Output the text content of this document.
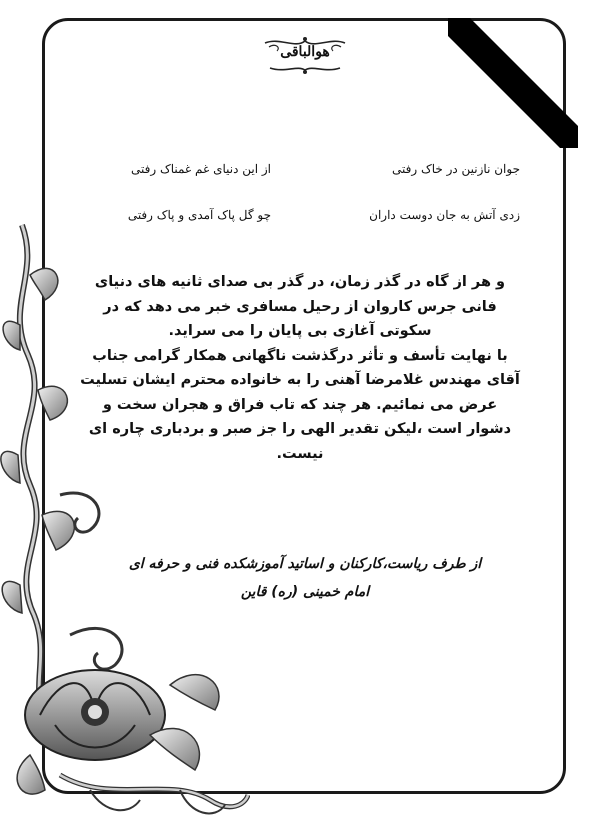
هوالباقی
جوان نازنین در خاک رفتی
از این دنیای غم غمناک رفتی
زدی آتش به جان دوست داران
چو گل پاک آمدی و پاک رفتی

و هر از گاه در گذر زمان، در گذر بی صدای ثانیه های دنیای فانی جرس کاروان از رحیل مسافری خبر می دهد که در سکوتی آغازی بی پایان را می سراید.

با نهایت تأسف و تأثر درگذشت ناگهانی همکار گرامی جناب آقای مهندس غلامرضا آهنی را به خانواده محترم ایشان تسلیت عرض می نمائیم. هر چند که تاب فراق و هجران سخت و دشوار است ،لیکن تقدیر الهی را جز صبر و برد‌باری چاره ای نیست.

از طرف ریاست،کارکنان و اساتید آموزشکده فنی و حرفه ای
امام خمینی (ره) قاین
